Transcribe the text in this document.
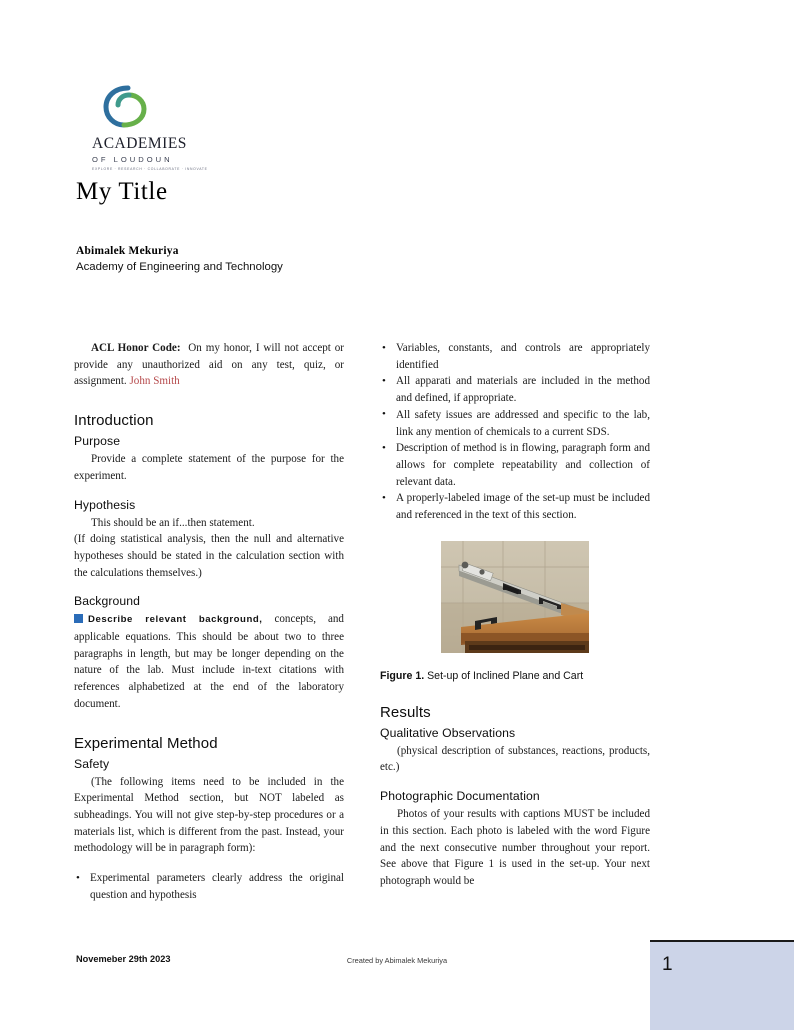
ACADEMIES
OF LOUDOUN
EXPLORE · RESEARCH · COLLABORATE · INNOVATE
My Title
Abimalek Mekuriya
Academy of Engineering and Technology

ACL Honor Code: On my honor, I will not accept or provide any unauthorized aid on any test, quiz, or assignment. John Smith

Introduction
Purpose

Provide a complete statement of the purpose for the experiment.

Hypothesis

This should be an if...then statement.

(If doing statistical analysis, then the null and alternative hypotheses should be stated in the calculation section with the calculations themselves.)

Background

Describe relevant background, concepts, and applicable equations. This should be about two to three paragraphs in length, but may be longer depending on the nature of the lab. Must include in-text citations with references alphabetized at the end of the laboratory document.

Experimental Method
Safety

(The following items need to be included in the Experimental Method section, but NOT labeled as subheadings. You will not give step-by-step procedures or a materials list, which is different from the past. Instead, your methodology will be in paragraph form):

• Experimental parameters clearly address the original question and hypothesis
• Variables, constants, and controls are appropriately identified
• All apparati and materials are included in the method and defined, if appropriate.
• All safety issues are addressed and specific to the lab, link any mention of chemicals to a current SDS.
• Description of method is in flowing, paragraph form and allows for complete repeatability and collection of relevant data.
• A properly-labeled image of the set-up must be included and referenced in the text of this section.
Figure 1. Set-up of Inclined Plane and Cart
Results
Qualitative Observations

(physical description of substances, reactions, products, etc.)

Photographic Documentation

Photos of your results with captions MUST be included in this section. Each photo is labeled with the word Figure and the next consecutive number throughout your report. See above that Figure 1 is used in the set-up. Your next photograph would be

Novemeber 29th 2023	Created by Abimalek Mekuriya	1
